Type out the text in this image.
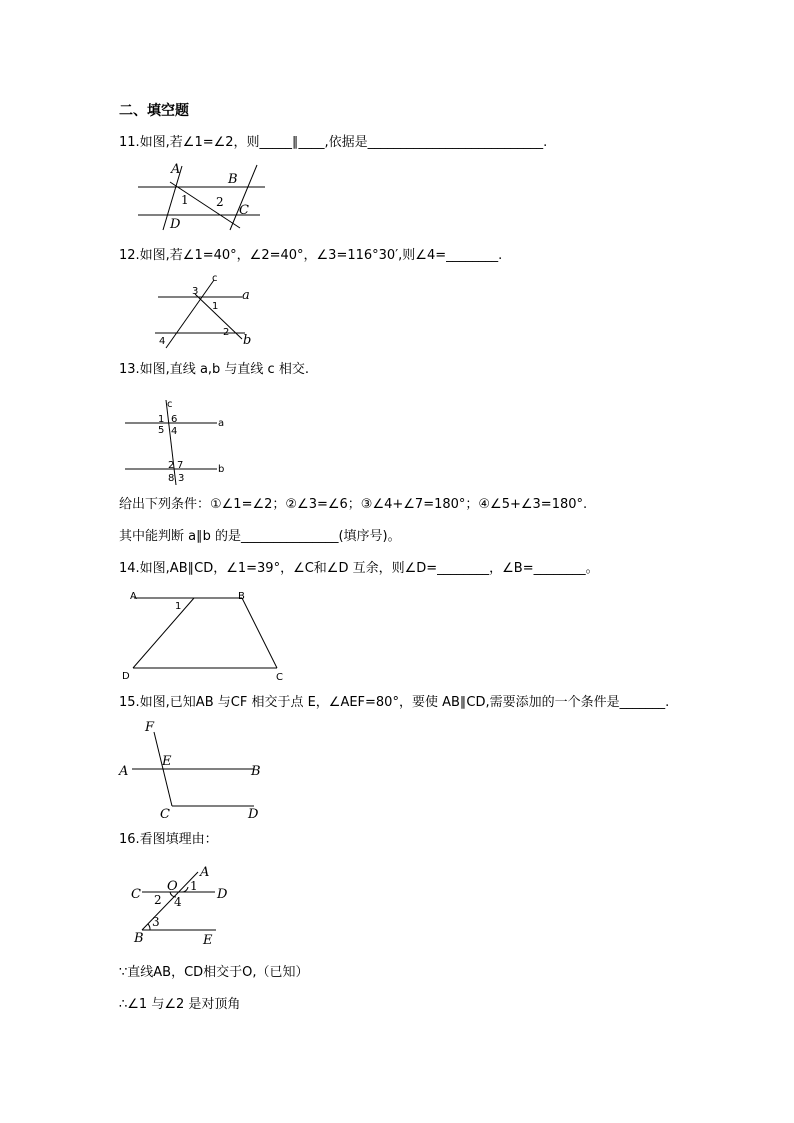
二、填空题
11.如图,若∠1=∠2，则_____∥____,依据是___________________________.
A
B
C
D
1 2
12.如图,若∠1=40°，∠2=40°，∠3=116°30′,则∠4=________.
c
a
b
3
1
2
4
13.如图,直线 a,b 与直线 c 相交.
c
a
b
1 6
5 4
2 7
8 3
给出下列条件：①∠1=∠2；②∠3=∠6；③∠4+∠7=180°；④∠5+∠3=180°.
其中能判断 a∥b 的是_______________(填序号)。
14.如图,AB∥CD，∠1=39°，∠C和∠D 互余，则∠D=________，∠B=________。
A	B
C
D
1
15.如图,已知AB 与CF 相交于点 E，∠AEF=80°，要使 AB∥CD,需要添加的一个条件是_______.
F
E
A	B
C	D
16.看图填理由：
A
C
O 1
D
2 4
3
B	E
∵直线AB，CD相交于O,（已知）
∴∠1 与∠2 是对顶角
